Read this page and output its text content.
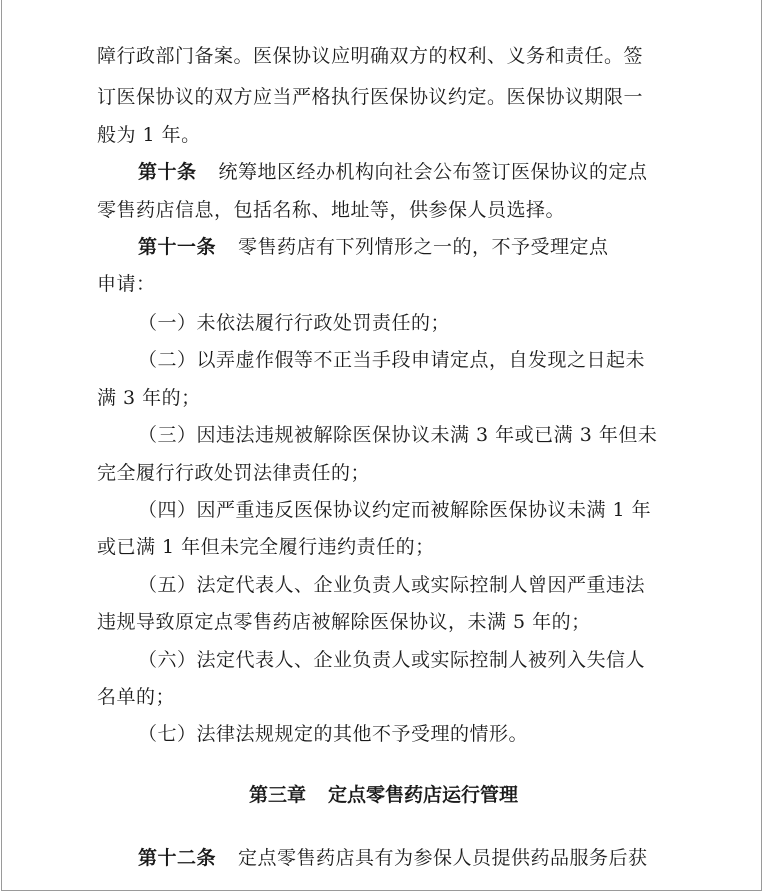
障行政部门备案。医保协议应明确双方的权利、义务和责任。签
订医保协议的双方应当严格执行医保协议约定。医保协议期限一
般为 1 年。
第十条 统筹地区经办机构向社会公布签订医保协议的定点
零售药店信息，包括名称、地址等，供参保人员选择。
第十一条 零售药店有下列情形之一的，不予受理定点
申请：
（一）未依法履行行政处罚责任的；
（二）以弄虚作假等不正当手段申请定点，自发现之日起未
满 3 年的；
（三）因违法违规被解除医保协议未满 3 年或已满 3 年但未
完全履行行政处罚法律责任的；
（四）因严重违反医保协议约定而被解除医保协议未满 1 年
或已满 1 年但未完全履行违约责任的；
（五）法定代表人、企业负责人或实际控制人曾因严重违法
违规导致原定点零售药店被解除医保协议，未满 5 年的；
（六）法定代表人、企业负责人或实际控制人被列入失信人
名单的；
（七）法律法规规定的其他不予受理的情形。
第三章 定点零售药店运行管理
第十二条 定点零售药店具有为参保人员提供药品服务后获
